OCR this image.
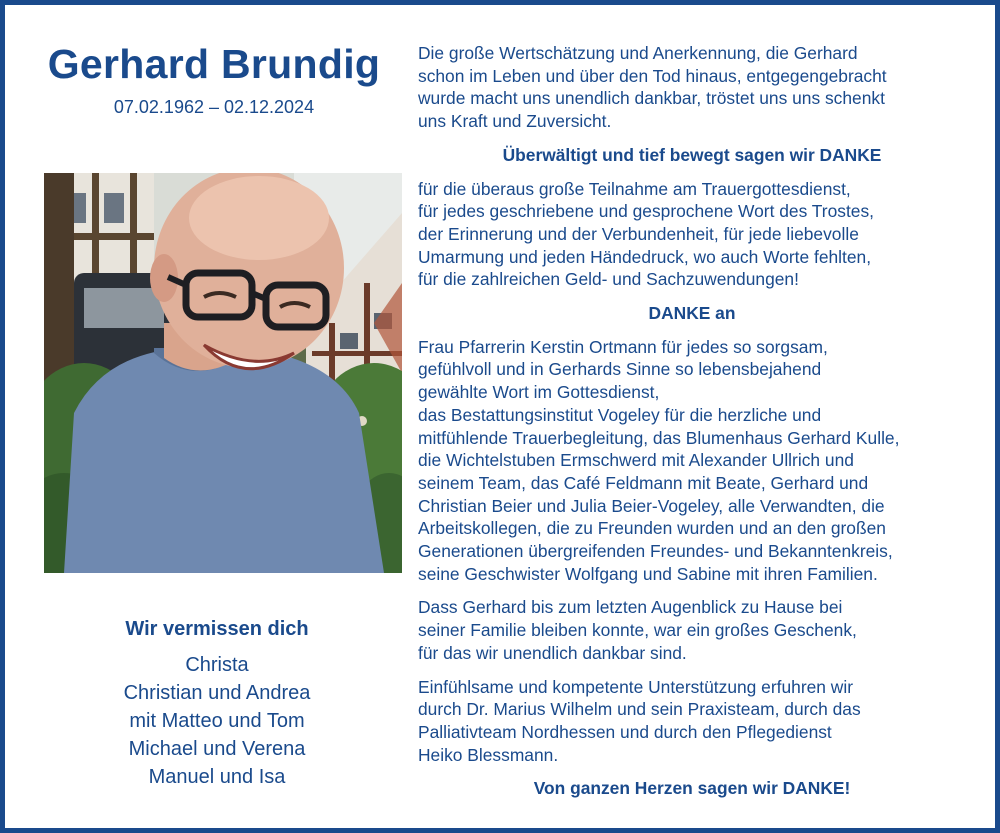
Gerhard Brundig
07.02.1962 – 02.12.2024
Wir vermissen dich
Christa
Christian und Andrea
mit Matteo und Tom
Michael und Verena
Manuel und Isa
Die große Wertschätzung und Anerkennung, die Gerhard
schon im Leben und über den Tod hinaus, entgegengebracht
wurde macht uns unendlich dankbar, tröstet uns uns schenkt
uns Kraft und Zuversicht.
Überwältigt und tief bewegt sagen wir DANKE
für die überaus große Teilnahme am Trauergottesdienst,
für jedes geschriebene und gesprochene Wort des Trostes,
der Erinnerung und der Verbundenheit, für jede liebevolle
Umarmung und jeden Händedruck, wo auch Worte fehlten,
für die zahlreichen Geld- und Sachzuwendungen!
DANKE an
Frau Pfarrerin Kerstin Ortmann für jedes so sorgsam,
gefühlvoll und in Gerhards Sinne so lebensbejahend
gewählte Wort im Gottesdienst,
das Bestattungsinstitut Vogeley für die herzliche und
mitfühlende Trauerbegleitung, das Blumenhaus Gerhard Kulle,
die Wichtelstuben Ermschwerd mit Alexander Ullrich und
seinem Team, das Café Feldmann mit Beate, Gerhard und
Christian Beier und Julia Beier-Vogeley, alle Verwandten, die
Arbeitskollegen, die zu Freunden wurden und an den großen
Generationen übergreifenden Freundes- und Bekanntenkreis,
seine Geschwister Wolfgang und Sabine mit ihren Familien.
Dass Gerhard bis zum letzten Augenblick zu Hause bei
seiner Familie bleiben konnte, war ein großes Geschenk,
für das wir unendlich dankbar sind.
Einfühlsame und kompetente Unterstützung erfuhren wir
durch Dr. Marius Wilhelm und sein Praxisteam, durch das
Palliativteam Nordhessen und durch den Pflegedienst
Heiko Blessmann.
Von ganzen Herzen sagen wir DANKE!
